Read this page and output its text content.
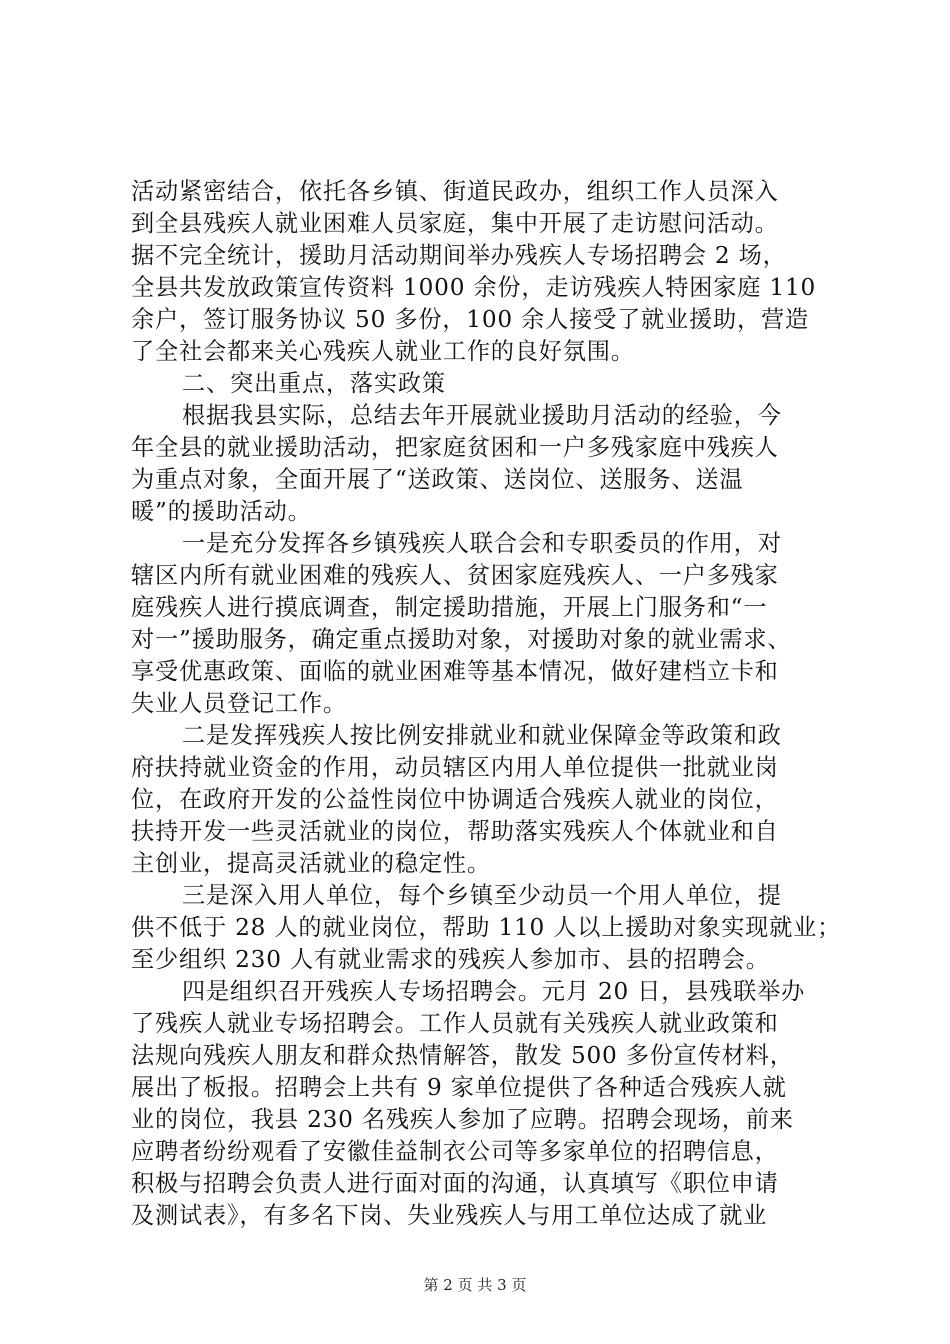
活动紧密结合，依托各乡镇、街道民政办，组织工作人员深入
到全县残疾人就业困难人员家庭，集中开展了走访慰问活动。
据不完全统计，援助月活动期间举办残疾人专场招聘会 2 场，
全县共发放政策宣传资料 1000 余份，走访残疾人特困家庭 110
余户，签订服务协议 50 多份，100 余人接受了就业援助，营造
了全社会都来关心残疾人就业工作的良好氛围。
二、突出重点，落实政策
根据我县实际，总结去年开展就业援助月活动的经验，今
年全县的就业援助活动，把家庭贫困和一户多残家庭中残疾人
为重点对象，全面开展了“送政策、送岗位、送服务、送温
暖”的援助活动。
一是充分发挥各乡镇残疾人联合会和专职委员的作用，对
辖区内所有就业困难的残疾人、贫困家庭残疾人、一户多残家
庭残疾人进行摸底调查，制定援助措施，开展上门服务和“一
对一”援助服务，确定重点援助对象，对援助对象的就业需求、
享受优惠政策、面临的就业困难等基本情况，做好建档立卡和
失业人员登记工作。
二是发挥残疾人按比例安排就业和就业保障金等政策和政
府扶持就业资金的作用，动员辖区内用人单位提供一批就业岗
位，在政府开发的公益性岗位中协调适合残疾人就业的岗位，
扶持开发一些灵活就业的岗位，帮助落实残疾人个体就业和自
主创业，提高灵活就业的稳定性。
三是深入用人单位，每个乡镇至少动员一个用人单位，提
供不低于 28 人的就业岗位，帮助 110 人以上援助对象实现就业；
至少组织 230 人有就业需求的残疾人参加市、县的招聘会。
四是组织召开残疾人专场招聘会。元月 20 日，县残联举办
了残疾人就业专场招聘会。工作人员就有关残疾人就业政策和
法规向残疾人朋友和群众热情解答，散发 500 多份宣传材料，
展出了板报。招聘会上共有 9 家单位提供了各种适合残疾人就
业的岗位，我县 230 名残疾人参加了应聘。招聘会现场，前来
应聘者纷纷观看了安徽佳益制衣公司等多家单位的招聘信息，
积极与招聘会负责人进行面对面的沟通，认真填写《职位申请
及测试表》，有多名下岗、失业残疾人与用工单位达成了就业
第 2 页 共 3 页
